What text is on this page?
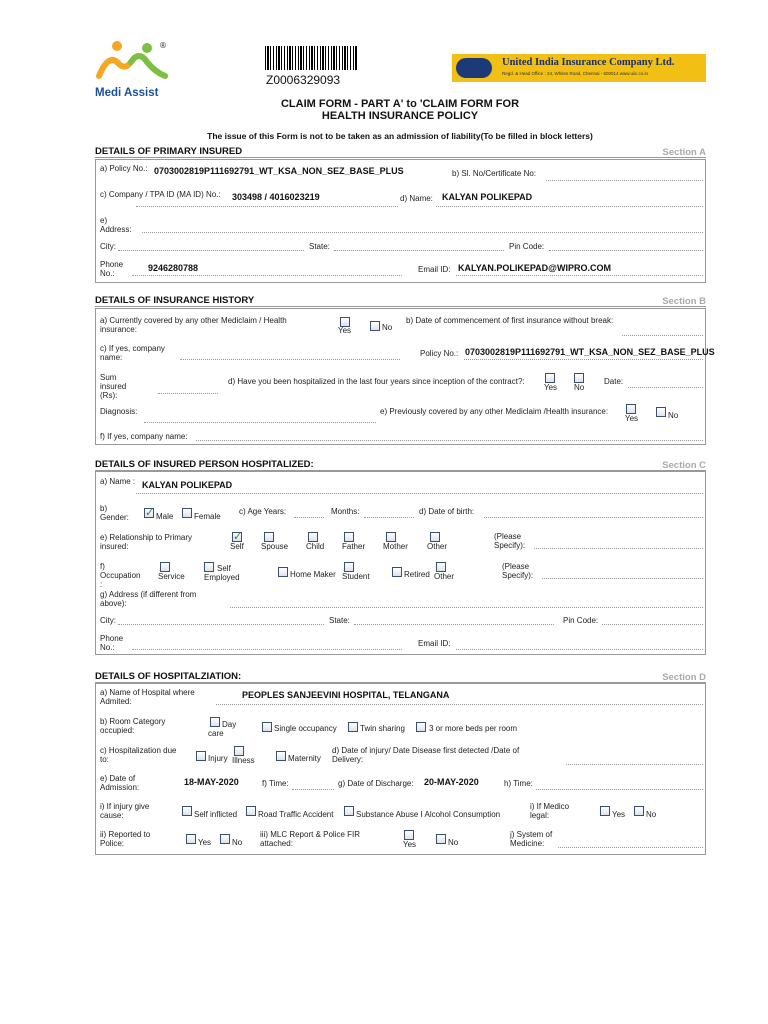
®
Medi Assist
Z0006329093
United India Insurance Company Ltd.
Regd. & Head Office : 24, Whites Road, Chennai - 600014 www.uiic.co.in
CLAIM FORM - PART A' to 'CLAIM FORM FOR
HEALTH INSURANCE POLICY
The issue of this Form is not to be taken as an admission of liability(To be filled in block letters)
DETAILS OF PRIMARY INSURED	Section A
a) Policy No.: 0703002819P111692791_WT_KSA_NON_SEZ_BASE_PLUS	b) Sl. No/Certificate No:
c) Company / TPA ID (MA ID) No.:	303498 / 4016023219	d) Name: KALYAN POLIKEPAD
e) Address:
City:	State:	Pin Code:
Phone No.:
9246280788	Email ID: KALYAN.POLIKEPAD@WIPRO.COM
DETAILS OF INSURANCE HISTORY	Section B
a) Currently covered by any other Mediclaim / Health insurance:	Yes	No
b) Date of commencement of first insurance without break:
c) If yes, company name:	Policy No.: 0703002819P111692791_WT_KSA_NON_SEZ_BASE_PLUS
Sum insured (Rs):
d) Have you been hospitalized in the last four years since inception of the contract?:
Yes No
Date:
Diagnosis:	e) Previously covered by any other Mediclaim /Health insurance:
Yes	No
f) If yes, company name:
DETAILS OF INSURED PERSON HOSPITALIZED:	Section C
a) Name : KALYAN POLIKEPAD
b) Gender:
✓	Male	Female
c) Age Years:	Months:	d) Date of birth:
e) Relationship to Primary insured:
✓	Self Spouse Child Father Mother Other
(Please Specify):
f) Occupation :
Service
Self Employed	Home Maker Student	Retired Other
(Please Specify):
g) Address (if different from above):
City:	State:	Pin Code:
Phone No.:	Email ID:
DETAILS OF HOSPITALZIATION:	Section D
a) Name of Hospital where Admited:
PEOPLES SANJEEVINI HOSPITAL, TELANGANA
b) Room Category occupied:
Day care
Single occupancy	Twin sharing	3 or more beds per room
c) Hospitalization due to:	Injury Illness	Maternity
d) Date of injury/ Date Disease first detected /Date of Delivery:
e) Date of Admission:
18-MAY-2020	f) Time:	g) Date of Discharge: 20-MAY-2020	h) Time:
i) If injury give cause:	Self inflicted	Road Traffic Accident	Substance Abuse I Alcohol Consumption
i) If Medico legal:	Yes	No
ii) Reported to Police:	Yes	No
iii) MLC Report & Police FIR attached:	Yes	No
j) System of Medicine:
